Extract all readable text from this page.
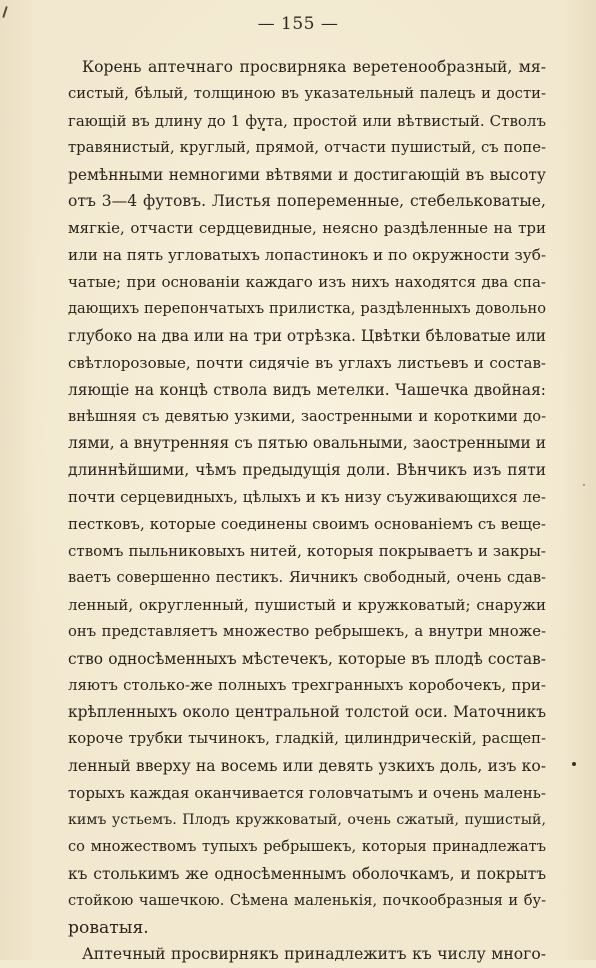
— 155 —
Корень аптечнаго просвирняка веретенообразный, мя-
систый, бѣлый, толщиною въ указательный палецъ и дости-
гающій въ длину до 1 фута, простой или вѣтвистый. Стволъ
травянистый, круглый, прямой, отчасти пушистый, съ попе-
ремѣнными немногими вѣтвями и достигающій въ высоту
отъ 3—4 футовъ. Листья попеременные, стебельковатые,
мягкіе, отчасти сердцевидные, неясно раздѣленные на три
или на пять угловатыхъ лопастинокъ и по окружности зуб-
чатые; при основаніи каждаго изъ нихъ находятся два спа-
дающихъ перепончатыхъ прилистка, раздѣленныхъ довольно
глубоко на два или на три отрѣзка. Цвѣтки бѣловатые или
свѣтлорозовые, почти сидячіе въ углахъ листьевъ и состав-
ляющіе на концѣ ствола видъ метелки. Чашечка двойная:
внѣшняя съ девятью узкими, заостренными и короткими до-
лями, а внутренняя съ пятью овальными, заостренными и
длиннѣйшими, чѣмъ предыдущія доли. Вѣнчикъ изъ пяти
почти серцевидныхъ, цѣлыхъ и къ низу съуживающихся ле-
пестковъ, которые соединены своимъ основаніемъ съ веще-
ствомъ пыльниковыхъ нитей, которыя покрываетъ и закры-
ваетъ совершенно пестикъ. Яичникъ свободный, очень сдав-
ленный, округленный, пушистый и кружковатый; снаружи
онъ представляетъ множество ребрышекъ, а внутри множе-
ство односѣменныхъ мѣстечекъ, которые въ плодѣ состав-
ляютъ столько-же полныхъ трехгранныхъ коробочекъ, при-
крѣпленныхъ около центральной толстой оси. Маточникъ
короче трубки тычинокъ, гладкій, цилиндрическій, расщеп-
ленный вверху на восемь или девять узкихъ доль, изъ ко-
торыхъ каждая оканчивается головчатымъ и очень малень-
кимъ устьемъ. Плодъ кружковатый, очень сжатый, пушистый,
со множествомъ тупыхъ ребрышекъ, которыя принадлежатъ
къ столькимъ же односѣменнымъ оболочкамъ, и покрытъ
стойкою чашечкою. Сѣмена маленькія, почкообразныя и бу-
роватыя.
Аптечный просвирнякъ принадлежитъ къ числу много-
